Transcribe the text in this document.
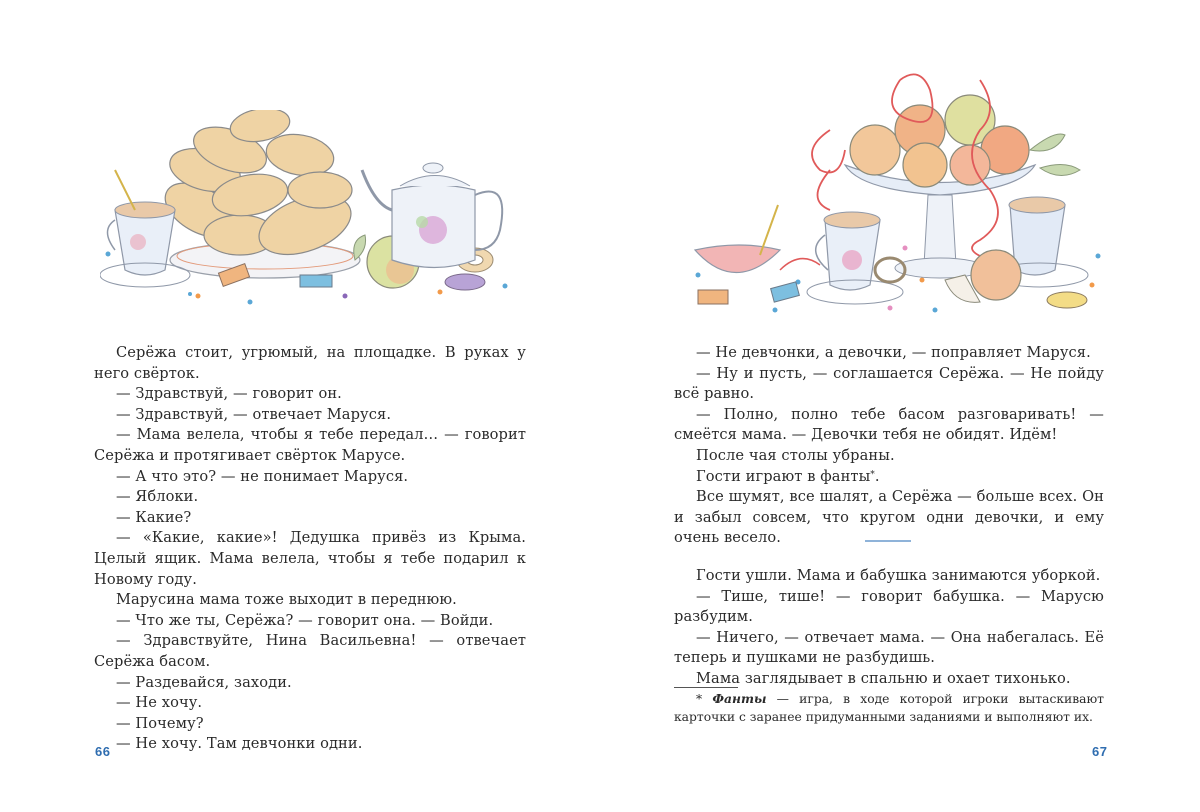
Серёжа стоит, угрюмый, на площадке. В руках у него свёрток.

— Здравствуй, — говорит он.

— Здравствуй, — отвечает Маруся.

— Мама велела, чтобы я тебе передал… — говорит Серёжа и протягивает свёрток Марусе.

— А что это? — не понимает Маруся.

— Яблоки.

— Какие?

— «Какие, какие»! Дедушка привёз из Крыма. Целый ящик. Мама велела, чтобы я тебе подарил к Новому году.

Марусина мама тоже выходит в переднюю.

— Что же ты, Серёжа? — говорит она. — Войди.

— Здравствуйте, Нина Васильевна! — отвечает Серёжа басом.

— Раздевайся, заходи.

— Не хочу.

— Почему?

— Не хочу. Там девчонки одни.

66

— Не девчонки, а девочки, — поправляет Маруся.

— Ну и пусть, — соглашается Серёжа. — Не пойду всё равно.

— Полно, полно тебе басом разговаривать! — смеётся мама. — Девочки тебя не обидят. Идём!

После чая столы убраны.

Гости играют в фанты*.

Все шумят, все шалят, а Серёжа — больше всех. Он и забыл совсем, что кругом одни девочки, и ему очень весело.

Гости ушли. Мама и бабушка занимаются уборкой.

— Тише, тише! — говорит бабушка. — Марусю разбудим.

— Ничего, — отвечает мама. — Она набегалась. Её теперь и пушками не разбудишь.

Мама заглядывает в спальню и охает тихонько.

* Фанты — игра, в ходе которой игроки вытаскивают карточки с заранее придуманными заданиями и выполняют их.
67
